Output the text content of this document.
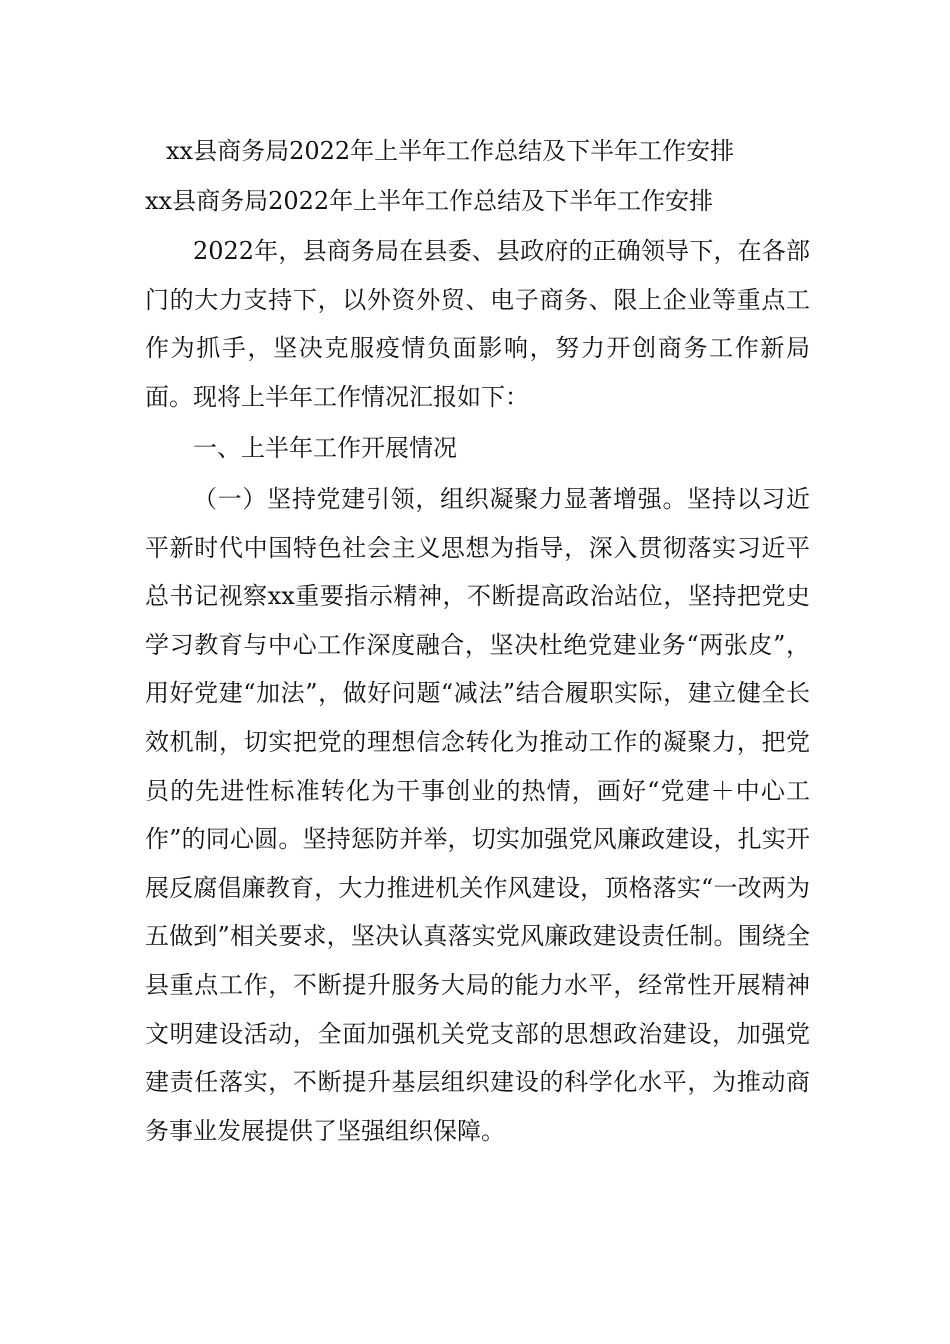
xx县商务局2022年上半年工作总结及下半年工作安排
xx县商务局2022年上半年工作总结及下半年工作安排

2022年，县商务局在县委、县政府的正确领导下，在各部门的大力支持下，以外资外贸、电子商务、限上企业等重点工作为抓手，坚决克服疫情负面影响，努力开创商务工作新局面。现将上半年工作情况汇报如下：

一、上半年工作开展情况

（一）坚持党建引领，组织凝聚力显著增强。坚持以习近平新时代中国特色社会主义思想为指导，深入贯彻落实习近平总书记视察xx重要指示精神，不断提高政治站位，坚持把党史学习教育与中心工作深度融合，坚决杜绝党建业务“两张皮”，用好党建“加法”，做好问题“减法”结合履职实际，建立健全长效机制，切实把党的理想信念转化为推动工作的凝聚力，把党员的先进性标准转化为干事创业的热情，画好“党建＋中心工作”的同心圆。坚持惩防并举，切实加强党风廉政建设，扎实开展反腐倡廉教育，大力推进机关作风建设，顶格落实“一改两为五做到”相关要求，坚决认真落实党风廉政建设责任制。围绕全县重点工作，不断提升服务大局的能力水平，经常性开展精神文明建设活动，全面加强机关党支部的思想政治建设，加强党建责任落实，不断提升基层组织建设的科学化水平，为推动商务事业发展提供了坚强组织保障。
